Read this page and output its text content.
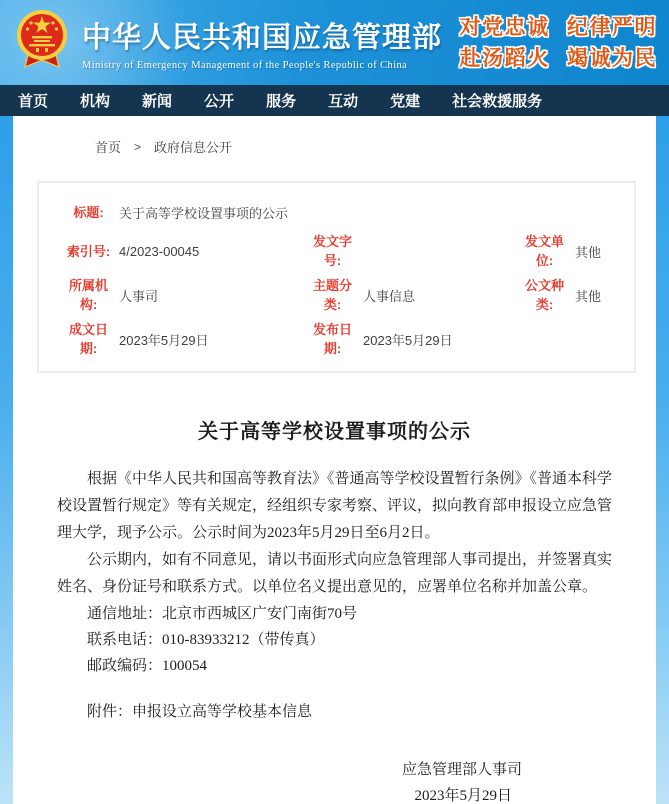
中华人民共和国应急管理部
Ministry of Emergency Management of the People's Republic of China
对党忠诚 纪律严明
赴汤蹈火 竭诚为民
首页	机构	新闻	公开	服务	互动	党建	社会救援服务
首页 > 政府信息公开
标题:	关于高等学校设置事项的公示
索引号: 4/2023-00045
发文字号:
发文单位:
其他
所属机构:
人事司
主题分类:
人事信息
公文种类:
其他
成文日期:
2023年5月29日
发布日期:
2023年5月29日
关于高等学校设置事项的公示

根据《中华人民共和国高等教育法》《普通高等学校设置暂行条例》《普通本科学校设置暂行规定》等有关规定，经组织专家考察、评议，拟向教育部申报设立应急管理大学，现予公示。公示时间为2023年5月29日至6月2日。

公示期内，如有不同意见，请以书面形式向应急管理部人事司提出，并签署真实姓名、身份证号和联系方式。以单位名义提出意见的，应署单位名称并加盖公章。

通信地址：北京市西城区广安门南街70号
联系电话：010-83933212（带传真）
邮政编码：100054
附件：申报设立高等学校基本信息
应急管理部人事司
2023年5月29日
